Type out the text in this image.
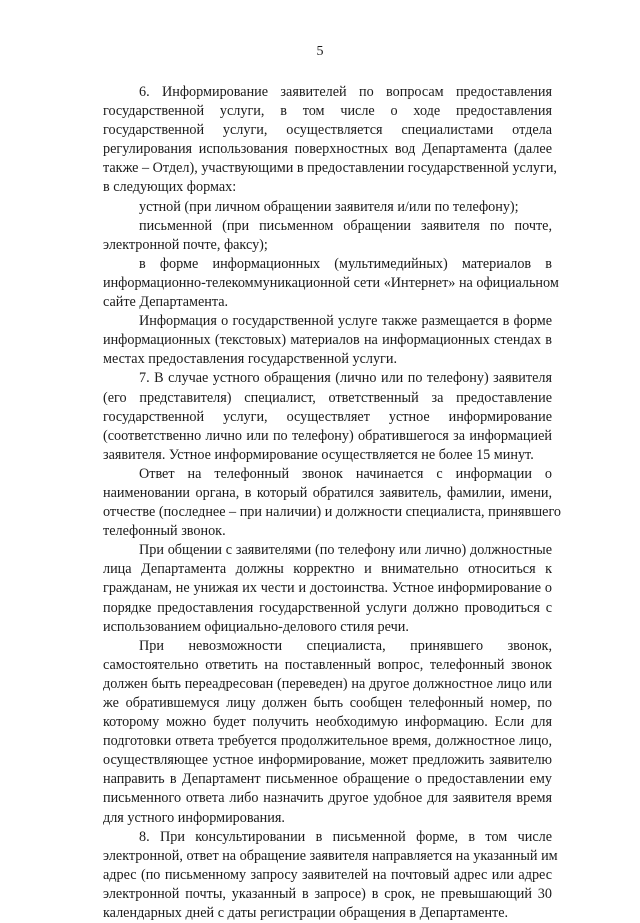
5
6. Информирование заявителей по вопросам предоставления
государственной услуги, в том числе о ходе предоставления
государственной услуги, осуществляется специалистами отдела
регулирования использования поверхностных вод Департамента (далее
также – Отдел), участвующими в предоставлении государственной услуги,
в следующих формах:
устной (при личном обращении заявителя и/или по телефону);
письменной (при письменном обращении заявителя по почте,
электронной почте, факсу);
в форме информационных (мультимедийных) материалов в
информационно-телекоммуникационной сети «Интернет» на официальном
сайте Департамента.
Информация о государственной услуге также размещается в форме
информационных (текстовых) материалов на информационных стендах в
местах предоставления государственной услуги.
7. В случае устного обращения (лично или по телефону) заявителя
(его представителя) специалист, ответственный за предоставление
государственной услуги, осуществляет устное информирование
(соответственно лично или по телефону) обратившегося за информацией
заявителя. Устное информирование осуществляется не более 15 минут.
Ответ на телефонный звонок начинается с информации о
наименовании органа, в который обратился заявитель, фамилии, имени,
отчестве (последнее – при наличии) и должности специалиста, принявшего
телефонный звонок.
При общении с заявителями (по телефону или лично) должностные
лица Департамента должны корректно и внимательно относиться к
гражданам, не унижая их чести и достоинства. Устное информирование о
порядке предоставления государственной услуги должно проводиться с
использованием официально-делового стиля речи.
При невозможности специалиста, принявшего звонок,
самостоятельно ответить на поставленный вопрос, телефонный звонок
должен быть переадресован (переведен) на другое должностное лицо или
же обратившемуся лицу должен быть сообщен телефонный номер, по
которому можно будет получить необходимую информацию. Если для
подготовки ответа требуется продолжительное время, должностное лицо,
осуществляющее устное информирование, может предложить заявителю
направить в Департамент письменное обращение о предоставлении ему
письменного ответа либо назначить другое удобное для заявителя время
для устного информирования.
8. При консультировании в письменной форме, в том числе
электронной, ответ на обращение заявителя направляется на указанный им
адрес (по письменному запросу заявителей на почтовый адрес или адрес
электронной почты, указанный в запросе) в срок, не превышающий 30
календарных дней с даты регистрации обращения в Департаменте.
